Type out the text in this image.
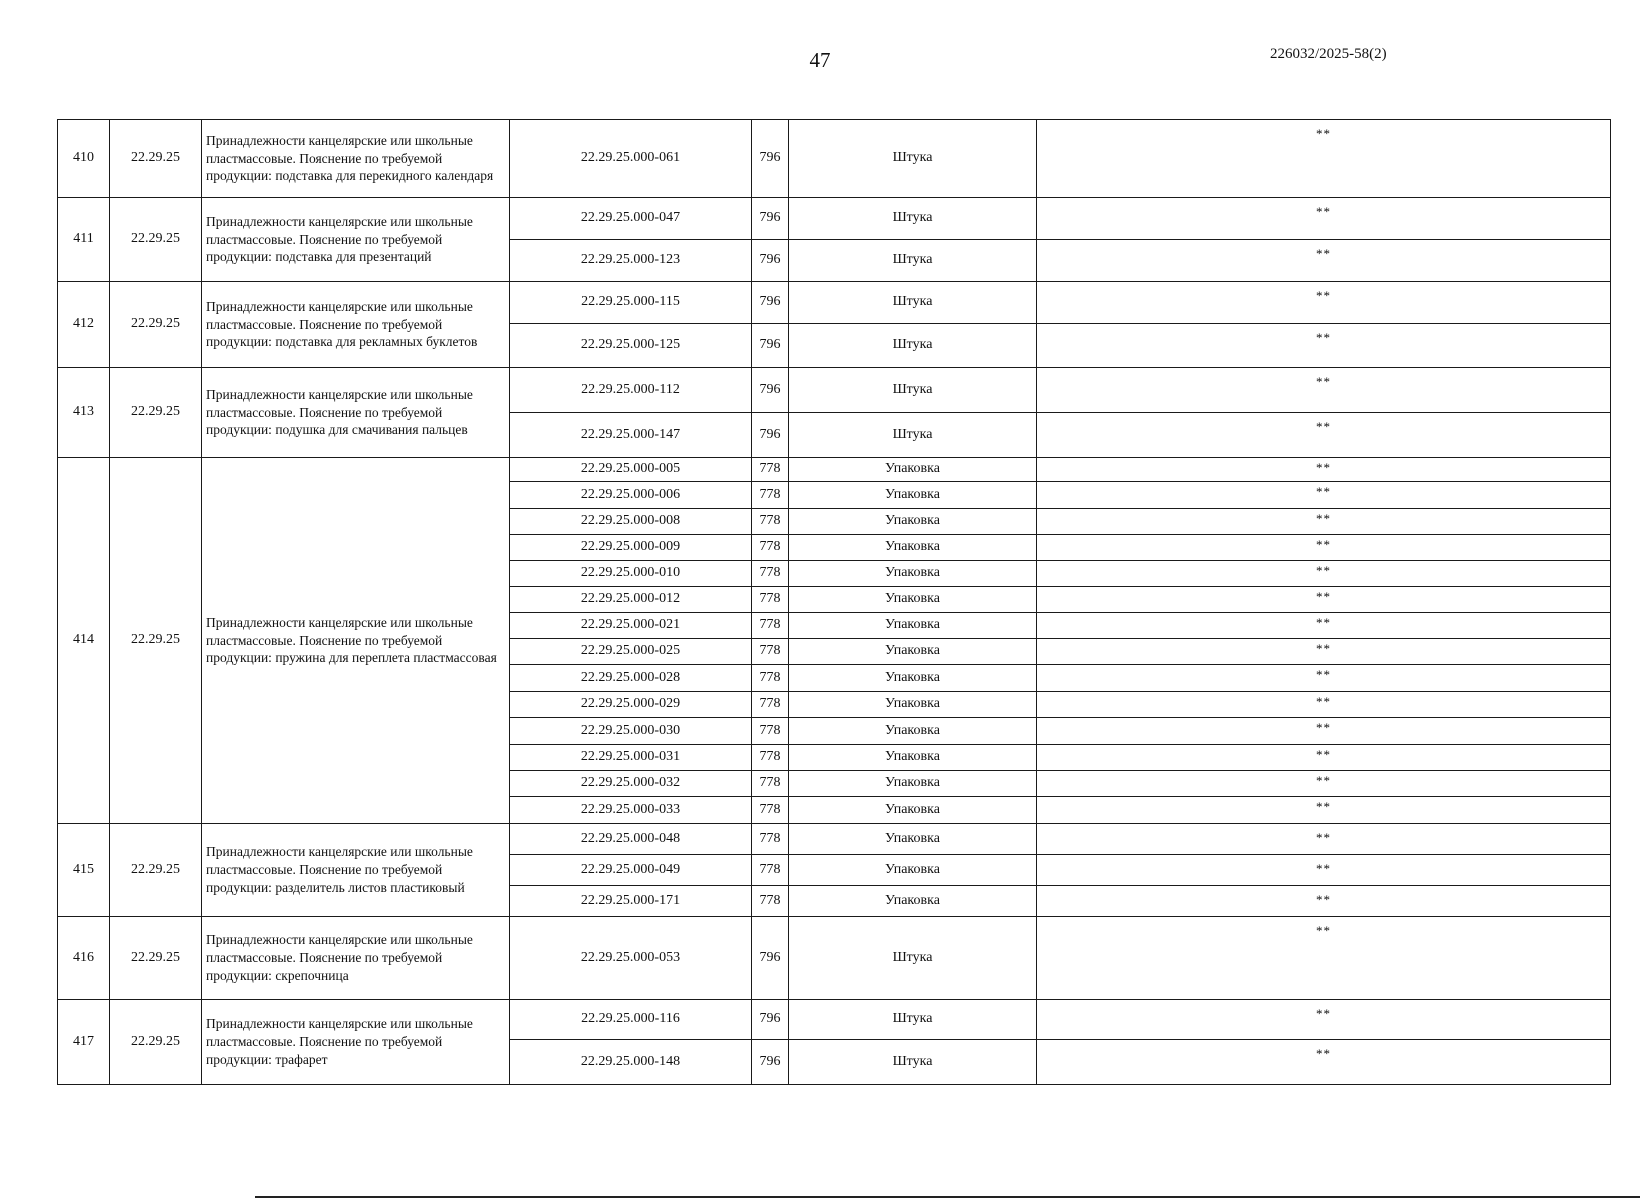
47	226032/2025-58(2)
410	22.29.25	Принадлежности канцелярские или школьные пластмассовые. Пояснение по требуемой продукции: подставка для перекидного календаря	22.29.25.000-061	796	Штука	**
411	22.29.25	Принадлежности канцелярские или школьные пластмассовые. Пояснение по требуемой продукции: подставка для презентаций	22.29.25.000-047	796	Штука	**
			22.29.25.000-123	796	Штука	**
412	22.29.25	Принадлежности канцелярские или школьные пластмассовые. Пояснение по требуемой продукции: подставка для рекламных буклетов	22.29.25.000-115	796	Штука	**
			22.29.25.000-125	796	Штука	**
413	22.29.25	Принадлежности канцелярские или школьные пластмассовые. Пояснение по требуемой продукции: подушка для смачивания пальцев	22.29.25.000-112	796	Штука	**
			22.29.25.000-147	796	Штука	**
414	22.29.25	Принадлежности канцелярские или школьные пластмассовые. Пояснение по требуемой продукции: пружина для переплета пластмассовая	22.29.25.000-005	778	Упаковка	**
			22.29.25.000-006	778	Упаковка	**
			22.29.25.000-008	778	Упаковка	**
			22.29.25.000-009	778	Упаковка	**
			22.29.25.000-010	778	Упаковка	**
			22.29.25.000-012	778	Упаковка	**
			22.29.25.000-021	778	Упаковка	**
			22.29.25.000-025	778	Упаковка	**
			22.29.25.000-028	778	Упаковка	**
			22.29.25.000-029	778	Упаковка	**
			22.29.25.000-030	778	Упаковка	**
			22.29.25.000-031	778	Упаковка	**
			22.29.25.000-032	778	Упаковка	**
			22.29.25.000-033	778	Упаковка	**
415	22.29.25	Принадлежности канцелярские или школьные пластмассовые. Пояснение по требуемой продукции: разделитель листов пластиковый	22.29.25.000-048	778	Упаковка	**
			22.29.25.000-049	778	Упаковка	**
			22.29.25.000-171	778	Упаковка	**
416	22.29.25	Принадлежности канцелярские или школьные пластмассовые. Пояснение по требуемой продукции: скрепочница	22.29.25.000-053	796	Штука	**
417	22.29.25	Принадлежности канцелярские или школьные пластмассовые. Пояснение по требуемой продукции: трафарет	22.29.25.000-116	796	Штука	**
			22.29.25.000-148	796	Штука	**
